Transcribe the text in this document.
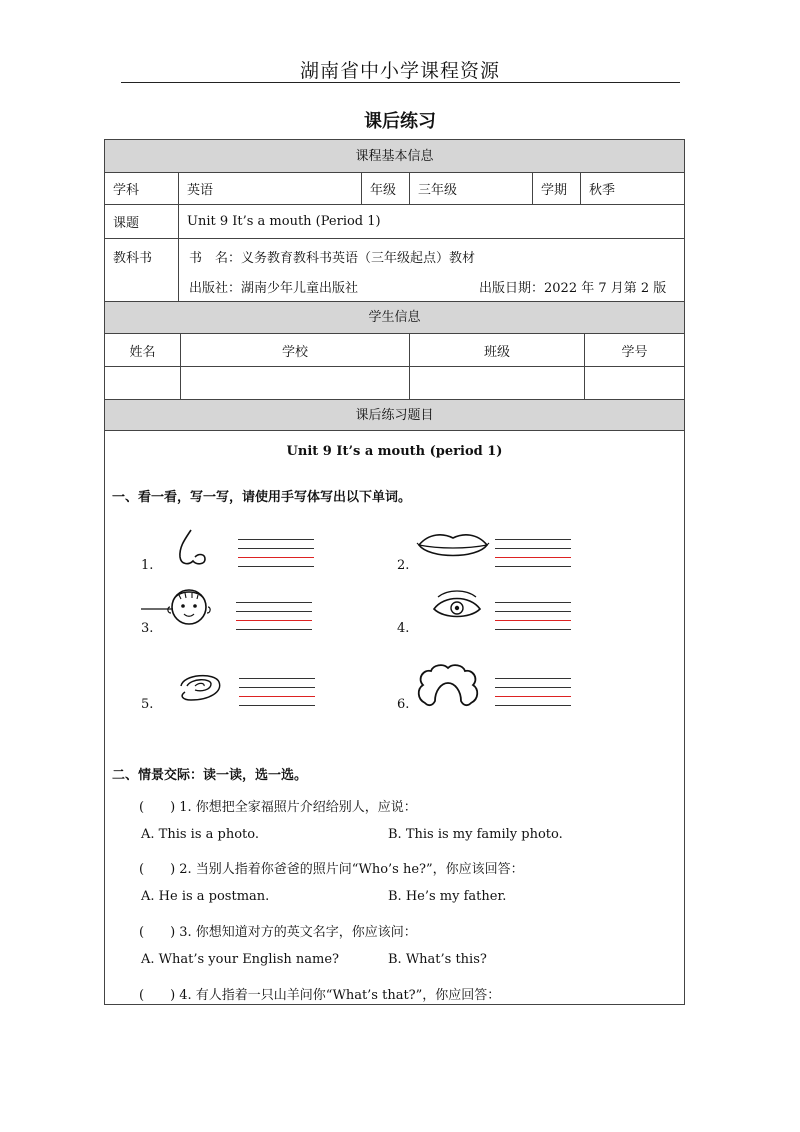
湖南省中小学课程资源
课后练习
课程基本信息
学科	英语	年级	三年级	学期	秋季
课题	Unit 9 It’s a mouth (Period 1)
教科书	书　名：义务教育教科书英语（三年级起点）教材
出版社：湖南少年儿童出版社	出版日期：2022 年 7 月第 2 版
学生信息
姓名	学校	班级	学号
课后练习题目
Unit 9 It’s a mouth (period 1)
一、看一看，写一写，请使用手写体写出以下单词。
1.	2.
3.	4.
5.	6.
二、情景交际：读一读，选一选。
(　　) 1. 你想把全家福照片介绍给别人，应说：
A. This is a photo.	B. This is my family photo.
(　　) 2. 当别人指着你爸爸的照片问“Who’s he?”，你应该回答：
A. He is a postman.	B. He’s my father.
(　　) 3. 你想知道对方的英文名字，你应该问：
A. What’s your English name?	B. What’s this?
(　　) 4. 有人指着一只山羊问你“What’s that?”，你应回答：
